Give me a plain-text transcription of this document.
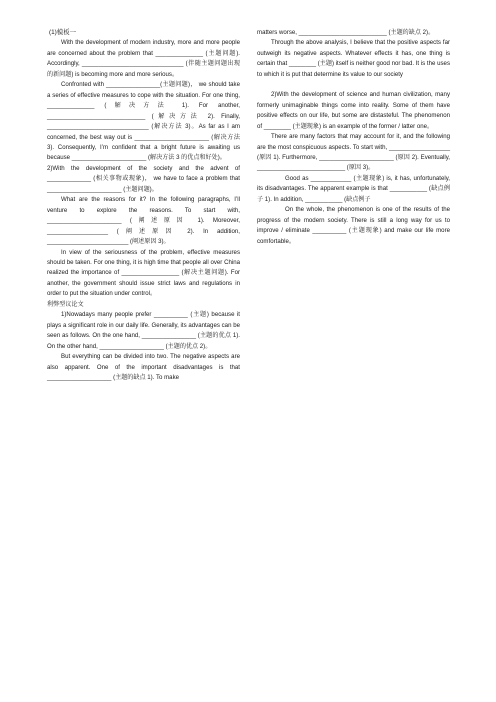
(1)模板一

With the development of modern industry, more and more people are concerned about the problem that ______________ (主题问题). Accordingly, ______________________________ (伴随主题问题出现的新问题) is becoming more and more serious。

Confronted with ________________(主题问题)， we should take a series of effective measures to cope with the situation. For one thing, ______________ (解决方法 1). For another, _____________________________ (解决方法 2). Finally, ______________________________ (解决方法 3)。As far as I am concerned, the best way out is ______________________ (解决方法 3). Consequently, I’m confident that a bright future is awaiting us because ______________________ (解决方法 3 的优点和好处)。

2)With the development of the society and the advent of _____________ (相关事物或现象)， we have to face a problem that ______________________ (主题问题)。

What are the reasons for it? In the following paragraphs, I’ll venture to explore the reasons. To start with, ______________________ (阐述原因 1). Moreover, __________________ (阐述原因 2). In addition, ________________________ (阐述原因 3)。

In view of the seriousness of the problem, effective measures should be taken. For one thing, it is high time that people all over China realized the importance of _________________ (解决主题问题). For another, the government should issue strict laws and regulations in order to put the situation under control。

利弊型议论文

1)Nowadays many people prefer __________ (主题) because it plays a significant role in our daily life. Generally, its advantages can be seen as follows. On the one hand, ________________ (主题的优点 1). On the other hand, ___________________ (主题的优点 2)。

But everything can be divided into two. The negative aspects are also apparent. One of the important disadvantages is that ___________________ (主题的缺点 1). To make

matters worse, __________________________ (主题的缺点 2)。

Through the above analysis, I believe that the positive aspects far outweigh its negative aspects. Whatever effects it has, one thing is certain that ________ (主题) itself is neither good nor bad. It is the uses to which it is put that determine its value to our society

2)With the development of science and human civilization, many formerly unimaginable things come into reality. Some of them have positive effects on our life, but some are distasteful. The phenomenon of ________ (主题现象) is an example of the former / latter one。

There are many factors that may account for it, and the following are the most conspicuous aspects. To start with, __________________ (原因 1). Furthermore, ______________________ (原因 2). Eventually, __________________________ (原因 3)。

Good as ____________ (主题现象) is, it has, unfortunately, its disadvantages. The apparent example is that ___________ (缺点例子 1). In addition, ___________ (缺点例子

On the whole, the phenomenon is one of the results of the progress of the modern society. There is still a long way for us to improve / eliminate __________ (主题现象) and make our life more comfortable。
